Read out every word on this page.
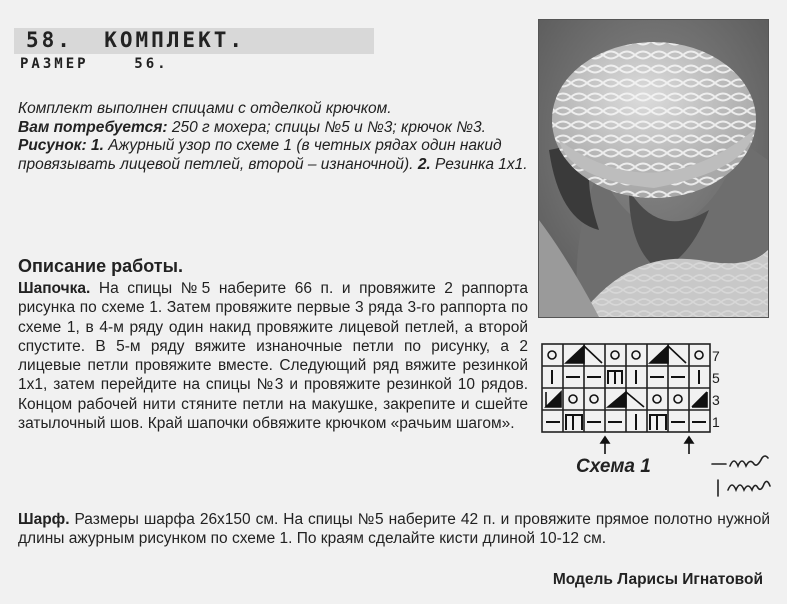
58.  КОМПЛЕКТ.
РАЗМЕР    56.
Комплект выполнен спицами с отделкой крючком.
Вам потребуется: 250 г мохера; спицы №5 и №3; крючок №3.
Рисунок: 1. Ажурный узор по схеме 1 (в четных рядах один накид провязывать лицевой петлей, второй – изнаночной). 2. Резинка 1x1.
Описание работы.
Шапочка. На спицы №5 наберите 66 п. и провяжите 2 раппорта рисунка по схеме 1. Затем провяжите первые 3 ряда 3-го раппорта по схеме 1, в 4-м ряду один накид провяжите лицевой петлей, а второй спустите. В 5-м ряду вяжите изнаночные петли по рисунку, а 2 лицевые петли провяжите вместе. Следующий ряд вяжите резинкой 1x1, затем перейдите на спицы №3 и провяжите резинкой 10 рядов. Концом рабочей нити стяните петли на макушке, закрепите и сшейте затылочный шов. Край шапочки обвяжите крючком «рачьим шагом».
Шарф. Размеры шарфа 26x150 см. На спицы №5 наберите 42 п. и провяжите прямое полотно нужной длины ажурным рисунком по схеме 1. По краям сделайте кисти длиной 10-12 см.
Модель Ларисы Игнатовой
7
5
3
1
Схема 1
